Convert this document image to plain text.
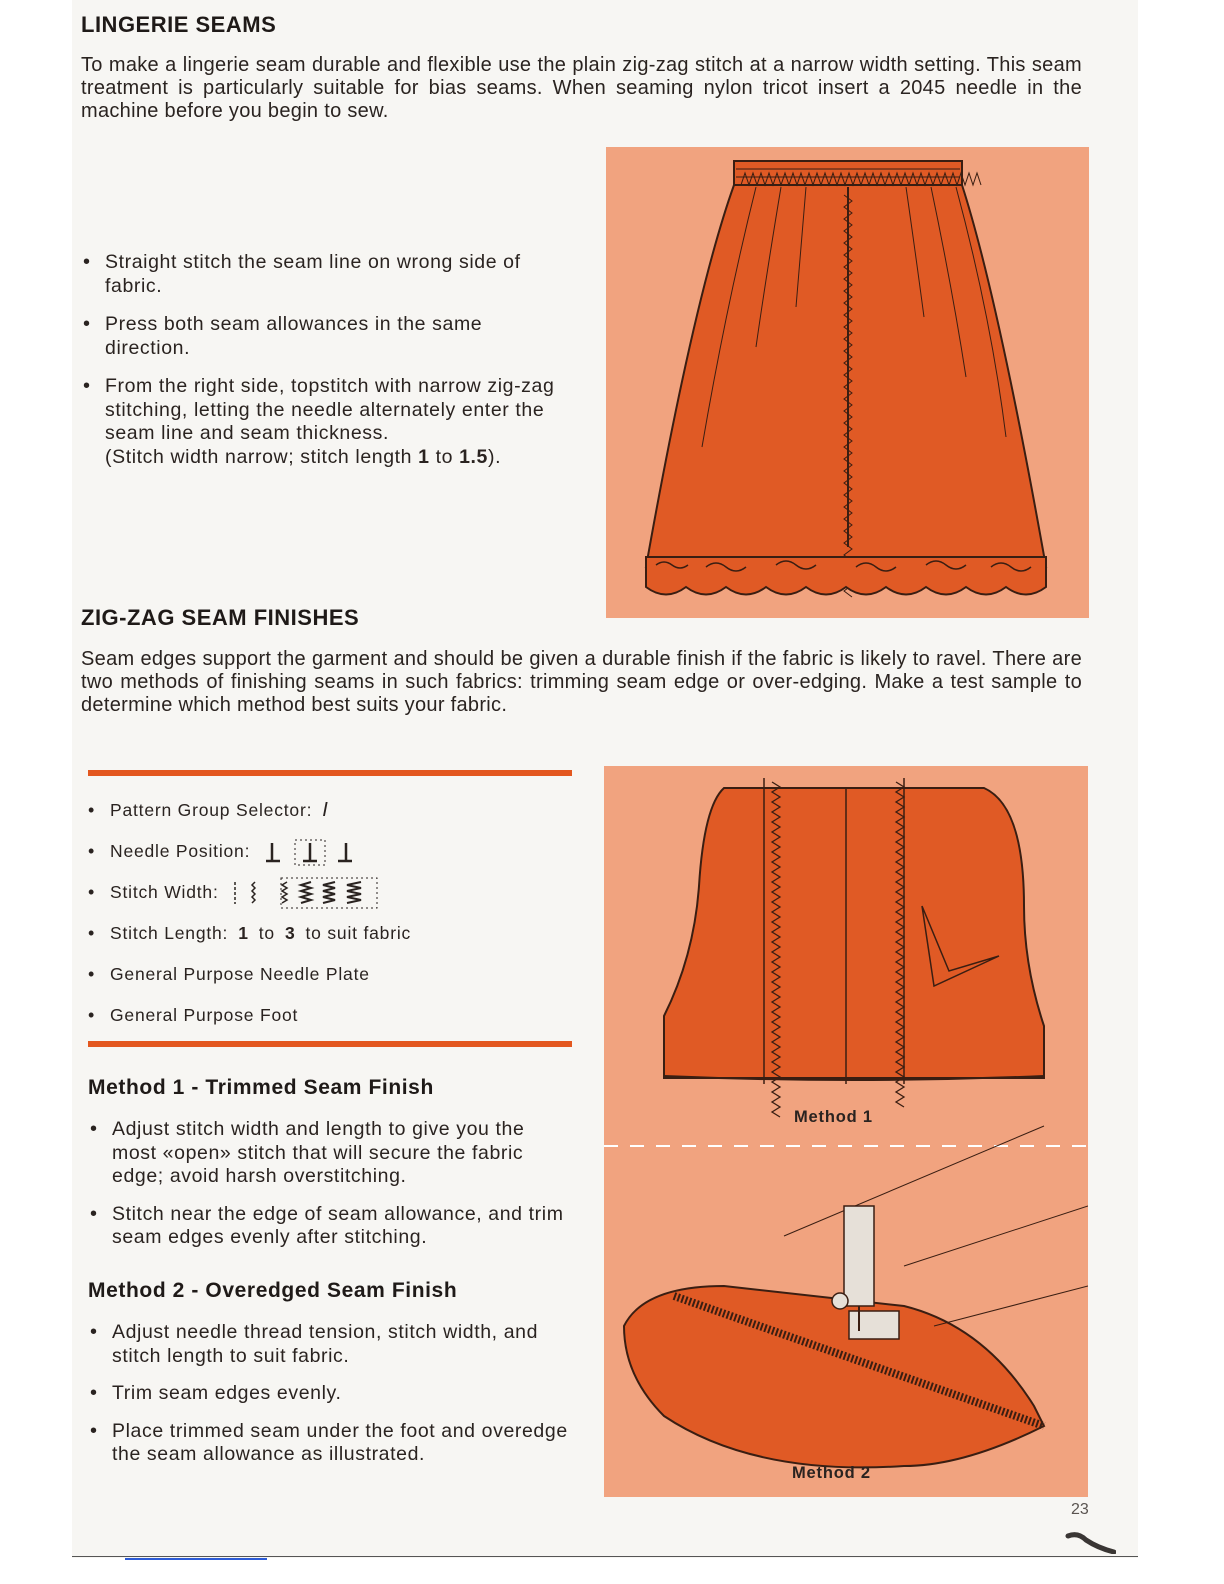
LINGERIE SEAMS

To make a lingerie seam durable and flexible use the plain zig-zag stitch at a narrow width setting. This seam treatment is particularly suitable for bias seams. When seaming nylon tricot insert a 2045 needle in the machine before you begin to sew.

• Straight stitch the seam line on wrong side of fabric.
• Press both seam allowances in the same direction.
• From the right side, topstitch with narrow zig-zag stitching, letting the needle alternately enter the seam line and seam thickness.
(Stitch width narrow; stitch length 1 to 1.5).
ZIG-ZAG SEAM FINISHES

Seam edges support the garment and should be given a durable finish if the fabric is likely to ravel. There are two methods of finishing seams in such fabrics: trimming seam edge or over-edging. Make a test sample to determine which method best suits your fabric.

• Pattern Group Selector: I
• Needle Position:
• Stitch Width:
• Stitch Length: 1 to 3 to suit fabric
• General Purpose Needle Plate
• General Purpose Foot
Method 1 - Trimmed Seam Finish
• Adjust stitch width and length to give you the most «open» stitch that will secure the fabric edge; avoid harsh overstitching.
• Stitch near the edge of seam allowance, and trim seam edges evenly after stitching.
Method 2 - Overedged Seam Finish
• Adjust needle thread tension, stitch width, and stitch length to suit fabric.
• Trim seam edges evenly.
• Place trimmed seam under the foot and overedge the seam allowance as illustrated.
Method 1
Method 2
23
